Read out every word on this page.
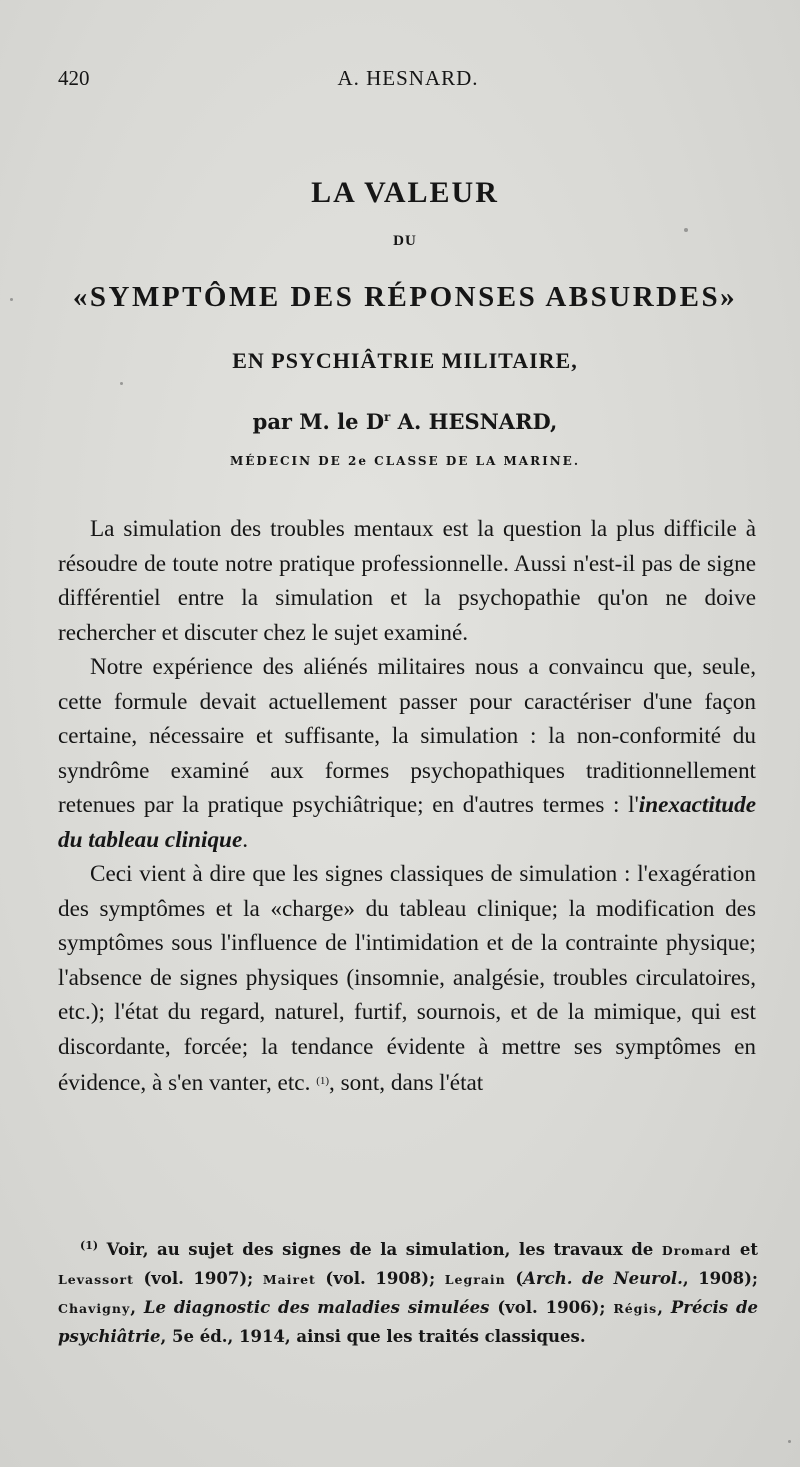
420	A. HESNARD.
LA VALEUR
DU
«SYMPTÔME DES RÉPONSES ABSURDES»
EN PSYCHIÂTRIE MILITAIRE,
par M. le $D^r$ A. HESNARD,
MÉDECIN DE 2e CLASSE DE LA MARINE.

La simulation des troubles mentaux est la question la plus difficile à résoudre de toute notre pratique professionnelle. Aussi n'est-il pas de signe différentiel entre la simulation et la psychopathie qu'on ne doive rechercher et discuter chez le sujet examiné.

Notre expérience des aliénés militaires nous a convaincu que, seule, cette formule devait actuellement passer pour caractériser d'une façon certaine, nécessaire et suffisante, la simulation : la non-conformité du syndrôme examiné aux formes psychopathiques traditionnellement retenues par la pratique psychiâtrique; en d'autres termes : l'inexactitude du tableau clinique.

Ceci vient à dire que les signes classiques de simulation : l'exagération des symptômes et la «charge» du tableau clinique; la modification des symptômes sous l'influence de l'intimidation et de la contrainte physique; l'absence de signes physiques (insomnie, analgésie, troubles circulatoires, etc.); l'état du regard, naturel, furtif, sournois, et de la mimique, qui est discordante, forcée; la tendance évidente à mettre ses symptômes en évidence, à s'en vanter, etc. $^{(1)}$, sont, dans l'état

$^{(1)}$ Voir, au sujet des signes de la simulation, les travaux de Dromard et Levassort (vol. 1907); Mairet (vol. 1908); Legrain (Arch. de Neurol., 1908); Chavigny, Le diagnostic des maladies simulées (vol. 1906); Régis, Précis de psychiâtrie, 5e éd., 1914, ainsi que les traités classiques.
